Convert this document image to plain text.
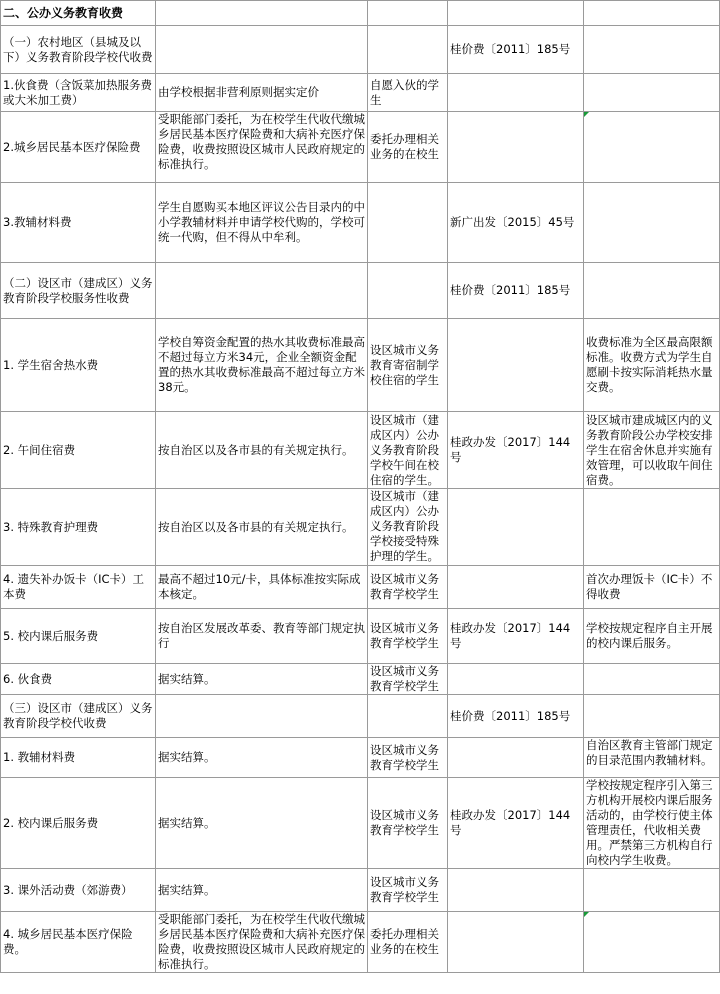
二、公办义务教育收费				
（一）农村地区（县城及以下）义务教育阶段学校代收费			桂价费〔2011〕185号	
1.伙食费（含饭菜加热服务费或大米加工费）	由学校根据非营利原则据实定价	自愿入伙的学生		
2.城乡居民基本医疗保险费	受职能部门委托，为在校学生代收代缴城乡居民基本医疗保险费和大病补充医疗保险费，收费按照设区城市人民政府规定的标准执行。	委托办理相关业务的在校生		
3.教辅材料费	学生自愿购买本地区评议公告目录内的中小学教辅材料并申请学校代购的，学校可统一代购，但不得从中牟利。		新广出发〔2015〕45号	
（二）设区市（建成区）义务教育阶段学校服务性收费			桂价费〔2011〕185号	
1. 学生宿舍热水费	学校自筹资金配置的热水其收费标准最高不超过每立方米34元，企业全额资金配置的热水其收费标准最高不超过每立方米38元。	设区城市义务教育寄宿制学校住宿的学生		收费标准为全区最高限额标准。收费方式为学生自愿刷卡按实际消耗热水量交费。
2. 午间住宿费	按自治区以及各市县的有关规定执行。	设区城市（建成区内）公办义务教育阶段学校午间在校住宿的学生。	桂政办发〔2017〕144号	设区城市建成城区内的义务教育阶段公办学校安排学生在宿舍休息并实施有效管理，可以收取午间住宿费。
3. 特殊教育护理费	按自治区以及各市县的有关规定执行。	设区城市（建成区内）公办义务教育阶段学校接受特殊护理的学生。		
4. 遗失补办饭卡（IC卡）工本费	最高不超过10元/卡，具体标准按实际成本核定。	设区城市义务教育学校学生		首次办理饭卡（IC卡）不得收费
5. 校内课后服务费	按自治区发展改革委、教育等部门规定执行	设区城市义务教育学校学生	桂政办发〔2017〕144号	学校按规定程序自主开展的校内课后服务。
6. 伙食费	据实结算。	设区城市义务教育学校学生		
（三）设区市（建成区）义务教育阶段学校代收费			桂价费〔2011〕185号	
1. 教辅材料费	据实结算。	设区城市义务教育学校学生		自治区教育主管部门规定的目录范围内教辅材料。
2. 校内课后服务费	据实结算。	设区城市义务教育学校学生	桂政办发〔2017〕144号	学校按规定程序引入第三方机构开展校内课后服务活动的，由学校行使主体管理责任，代收相关费用。严禁第三方机构自行向校内学生收费。
3. 课外活动费（郊游费）	据实结算。	设区城市义务教育学校学生		
4. 城乡居民基本医疗保险费。	受职能部门委托，为在校学生代收代缴城乡居民基本医疗保险费和大病补充医疗保险费，收费按照设区城市人民政府规定的标准执行。	委托办理相关业务的在校生		
